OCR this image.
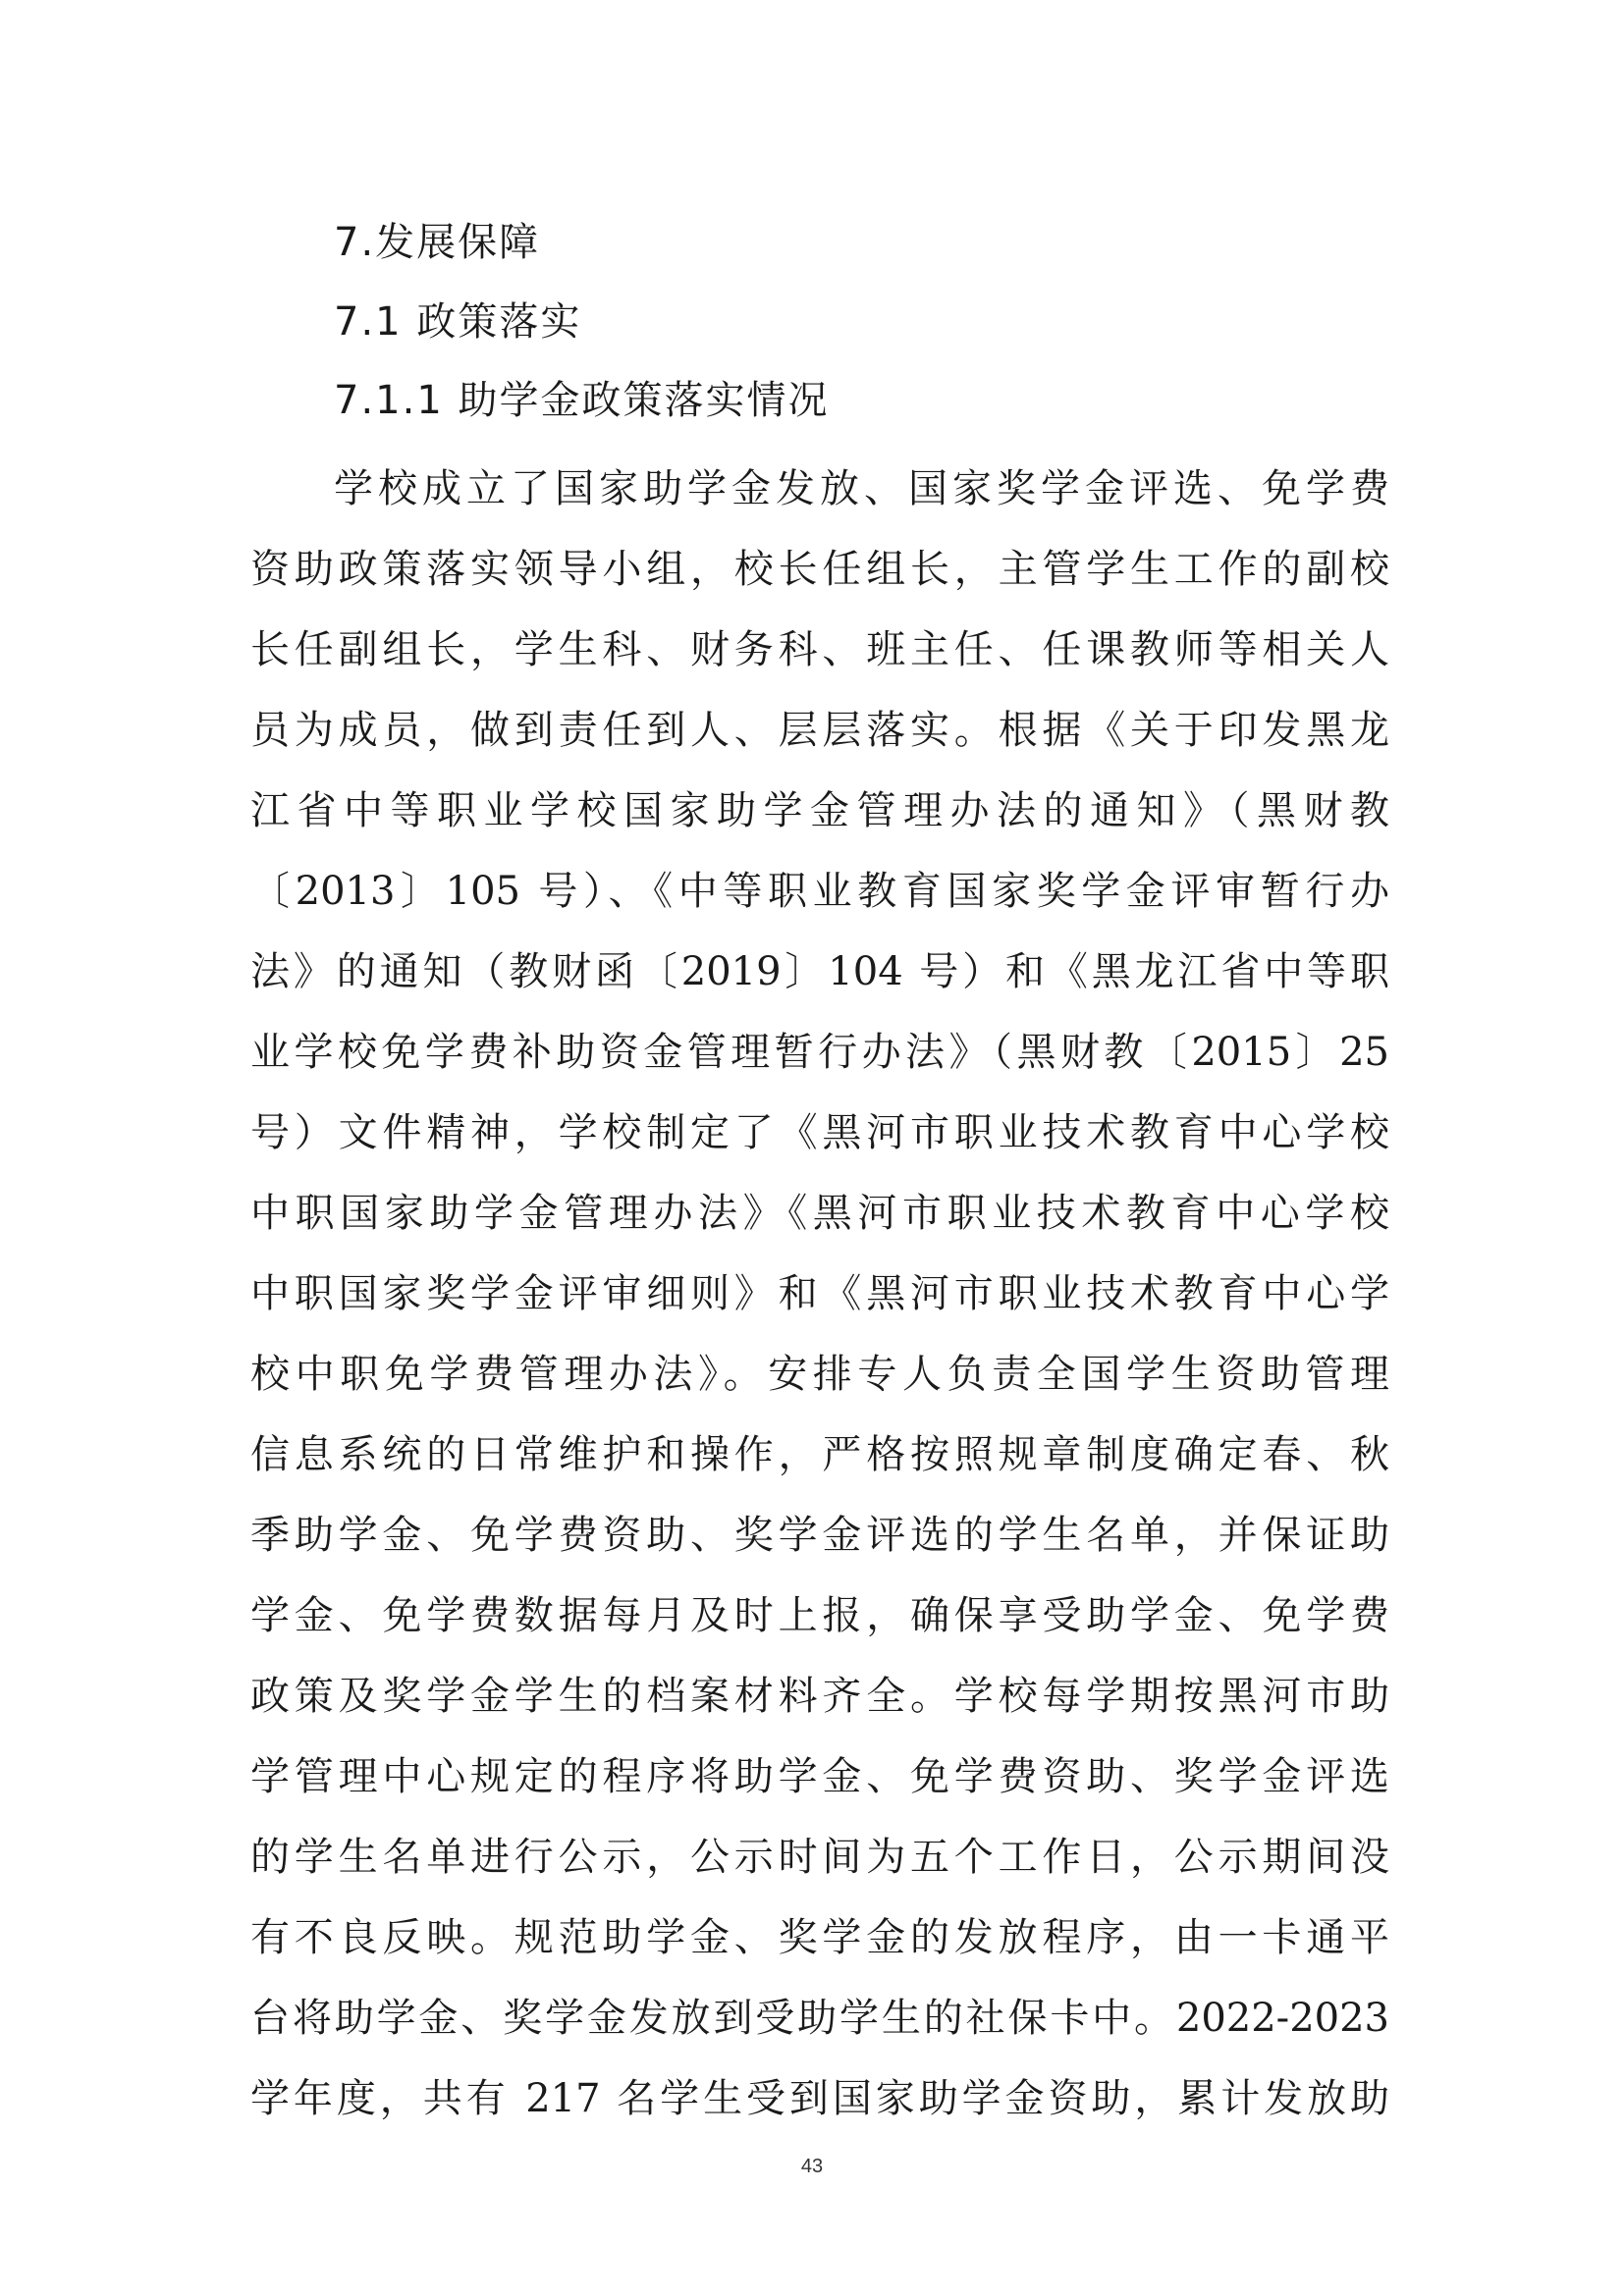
7.发展保障
7.1 政策落实
7.1.1 助学金政策落实情况
学校成立了国家助学金发放、国家奖学金评选、免学费
资助政策落实领导小组，校长任组长，主管学生工作的副校
长任副组长，学生科、财务科、班主任、任课教师等相关人
员为成员，做到责任到人、层层落实。根据《关于印发黑龙
江省中等职业学校国家助学金管理办法的通知》（黑财教
〔2013〕105 号）、《中等职业教育国家奖学金评审暂行办
法》的通知（教财函〔2019〕104 号）和《黑龙江省中等职
业学校免学费补助资金管理暂行办法》（黑财教〔2015〕25
号）文件精神，学校制定了《黑河市职业技术教育中心学校
中职国家助学金管理办法》《黑河市职业技术教育中心学校
中职国家奖学金评审细则》和《黑河市职业技术教育中心学
校中职免学费管理办法》。安排专人负责全国学生资助管理
信息系统的日常维护和操作，严格按照规章制度确定春、秋
季助学金、免学费资助、奖学金评选的学生名单，并保证助
学金、免学费数据每月及时上报，确保享受助学金、免学费
政策及奖学金学生的档案材料齐全。学校每学期按黑河市助
学管理中心规定的程序将助学金、免学费资助、奖学金评选
的学生名单进行公示，公示时间为五个工作日，公示期间没
有不良反映。规范助学金、奖学金的发放程序，由一卡通平
台将助学金、奖学金发放到受助学生的社保卡中。2022-2023
学年度，共有 217 名学生受到国家助学金资助，累计发放助
43
